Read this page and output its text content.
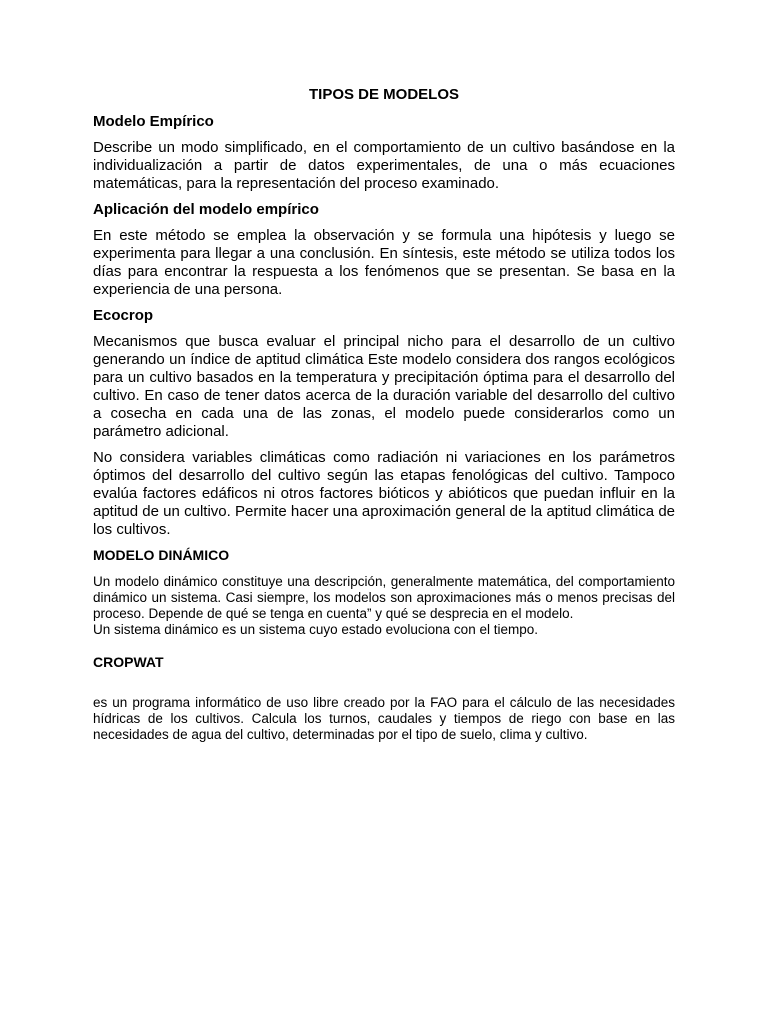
TIPOS DE MODELOS
Modelo Empírico
Describe un modo simplificado, en el comportamiento de un cultivo basándose en la individualización a partir de datos experimentales, de una o más ecuaciones matemáticas, para la representación del proceso examinado.
Aplicación del modelo empírico
En este método se emplea la observación y se formula una hipótesis y luego se experimenta para llegar a una conclusión. En síntesis, este método se utiliza todos los días para encontrar la respuesta a los fenómenos que se presentan. Se basa en la experiencia de una persona.
Ecocrop
Mecanismos que busca evaluar el principal nicho para el desarrollo de un cultivo generando un índice de aptitud climática Este modelo considera dos rangos ecológicos para un cultivo basados en la temperatura y precipitación óptima para el desarrollo del cultivo. En caso de tener datos acerca de la duración variable del desarrollo del cultivo a cosecha en cada una de las zonas, el modelo puede considerarlos como un parámetro adicional.
No considera variables climáticas como radiación ni variaciones en los parámetros óptimos del desarrollo del cultivo según las etapas fenológicas del cultivo. Tampoco evalúa factores edáficos ni otros factores bióticos y abióticos que puedan influir en la aptitud de un cultivo. Permite hacer una aproximación general de la aptitud climática de los cultivos.
MODELO DINÁMICO
Un modelo dinámico constituye una descripción, generalmente matemática, del comportamiento dinámico un sistema. Casi siempre, los modelos son aproximaciones más o menos precisas del proceso. Depende de qué se tenga en cuenta” y qué se desprecia en el modelo.
Un sistema dinámico es un sistema cuyo estado evoluciona con el tiempo.
CROPWAT
es un programa informático de uso libre creado por la FAO para el cálculo de las necesidades hídricas de los cultivos. Calcula los turnos, caudales y tiempos de riego con base en las necesidades de agua del cultivo, determinadas por el tipo de suelo, clima y cultivo.
